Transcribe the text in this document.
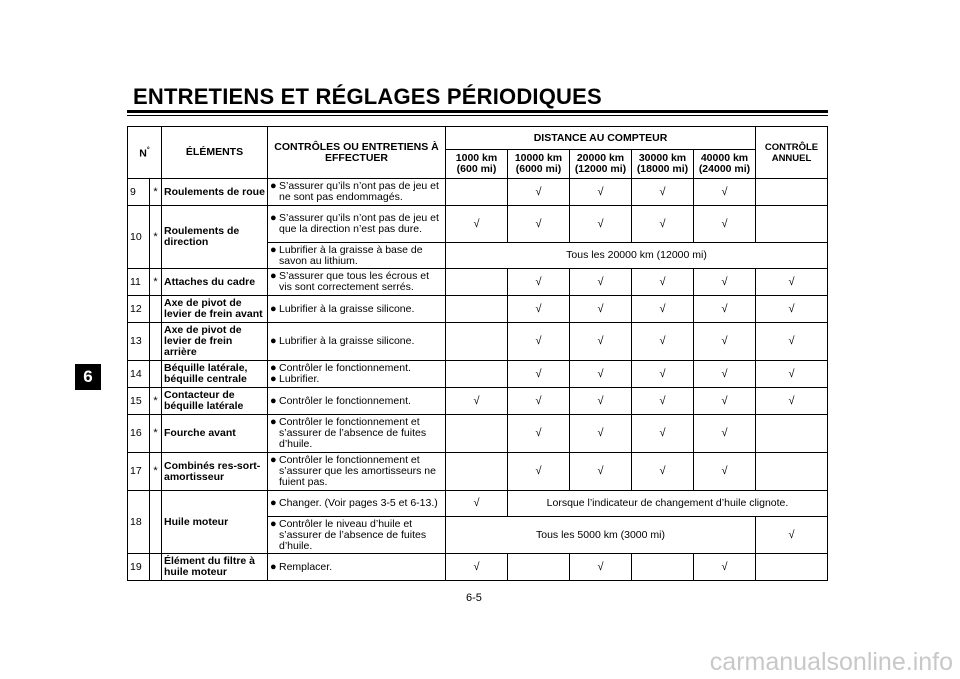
ENTRETIENS ET RÉGLAGES PÉRIODIQUES
6
N°		ÉLÉMENTS	CONTRÔLES OU ENTRETIENS À EFFECTUER	DISTANCE AU COMPTEUR					CONTRÔLE ANNUEL
				1000 km (600 mi)	10000 km (6000 mi)	20000 km (12000 mi)	30000 km (18000 mi)	40000 km (24000 mi)	
9	*	Roulements de roue	● S’assurer qu’ils n’ont pas de jeu et ne sont pas endommagés.		√	√	√	√	
10	*	Roulements de direction	● S’assurer qu’ils n’ont pas de jeu et que la direction n’est pas dure.	√	√	√	√	√	

			● Lubrifier à la graisse à base de savon au lithium.	Tous les 20000 km (12000 mi)					
11	*	Attaches du cadre	● S’assurer que tous les écrous et vis sont correctement serrés.		√	√	√	√	√
12		Axe de pivot de levier de frein avant	● Lubrifier à la graisse silicone.		√	√	√	√	√
13		Axe de pivot de levier de frein arrière	● Lubrifier à la graisse silicone.		√	√	√	√	√
14		Béquille latérale, béquille centrale	● Contrôler le fonctionnement.
● Lubrifier.		√	√	√	√	√
15	*	Contacteur de béquille latérale	● Contrôler le fonctionnement.	√	√	√	√	√	√
16	*	Fourche avant	● Contrôler le fonctionnement et s’assurer de l’absence de fuites d’huile.		√	√	√	√	
17	*	Combinés res-sort-amortisseur	● Contrôler le fonctionnement et s’assurer que les amortisseurs ne fuient pas.		√	√	√	√	
18		Huile moteur	● Changer. (Voir pages 3-5 et 6-13.)	√	Lorsque l’indicateur de changement d’huile clignote.				

			● Contrôler le niveau d’huile et s’assurer de l’absence de fuites d’huile.	Tous les 5000 km (3000 mi)					√
19		Élément du filtre à huile moteur	● Remplacer.	√		√		√	
6-5
carmanualsonline.info
